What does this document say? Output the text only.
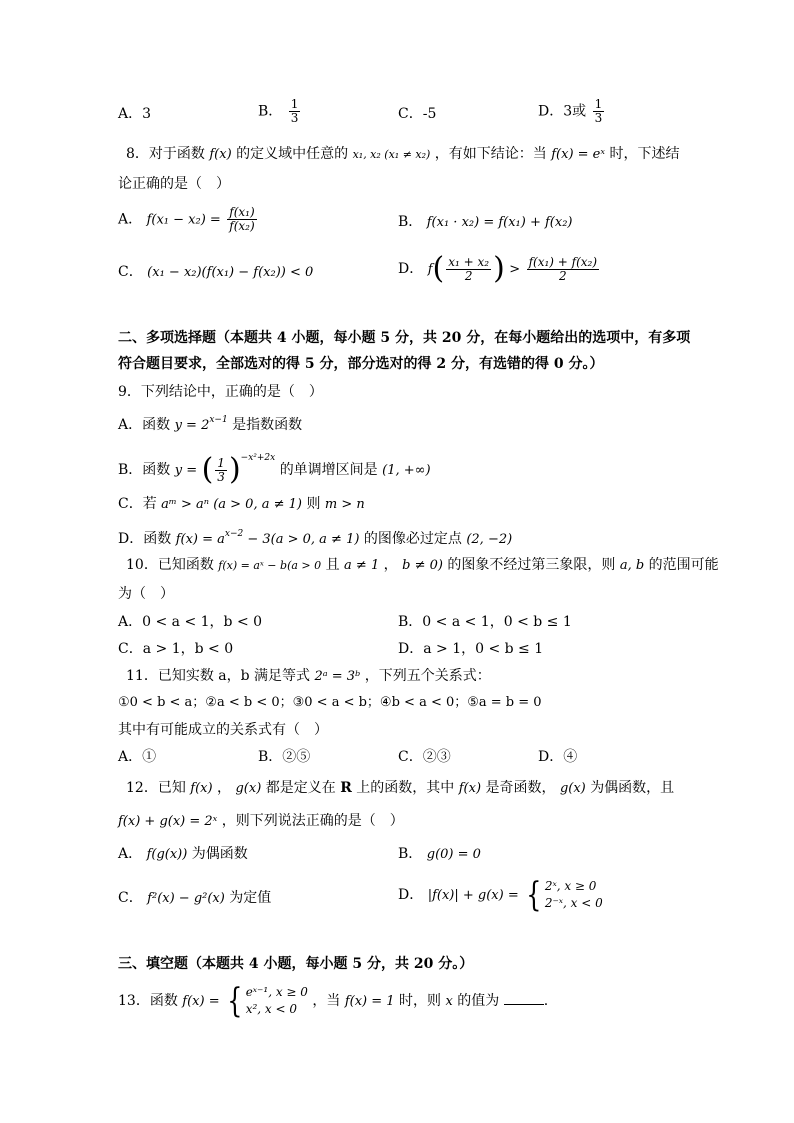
A．3	B． $\frac{1}{3}$	C．-5	D．3或 $\frac{1}{3}$
8．对于函数 f(x) 的定义域中任意的 x₁, x₂ (x₁ ≠ x₂) ，有如下结论：当 f(x) = eˣ 时，下述结
论正确的是（　）
A． $f(x_1 - x_2) = \frac{\text{f(x₁)}}{\text{f(x₂)}}$	B． f(x₁ · x₂) = f(x₁) + f(x₂)
C． (x₁ − x₂)(f(x₁) − f(x₂)) < 0	D． $f( \frac{\text{x₁ + x₂}}{2}$ ) > $\frac{\text{f(x₁) + f(x₂)}}{2}$
二、多项选择题（本题共 4 小题，每小题 5 分，共 20 分，在每小题给出的选项中，有多项
符合题目要求，全部选对的得 5 分，部分选对的得 2 分，有选错的得 0 分。）
9．下列结论中，正确的是（　）
A．函数 $y = 2^{x-1}$ 是指数函数
B．函数 y = ( $\frac{1}{3} )^{-x^2+2x}$ 的单调增区间是 (1, +∞)
C．若 aᵐ > aⁿ (a > 0, a ≠ 1) 则 m > n
D．函数 $f(x) = a^{x-2} - 3(a > 0$, a ≠ 1) 的图像必过定点 (2, −2)
10．已知函数 f(x) = aˣ − b(a > 0 且 a ≠ 1 ， b ≠ 0) 的图象不经过第三象限，则 a, b 的范围可能
为（　）
A．0 < a < 1，b < 0	B．0 < a < 1，0 < b ≤ 1
C．a > 1，b < 0	D．a > 1，0 < b ≤ 1
11．已知实数 a，b 满足等式 2ᵃ = 3ᵇ ，下列五个关系式：
①0 < b < a；②a < b < 0；③0 < a < b；④b < a < 0；⑤a = b = 0
其中有可能成立的关系式有（　）
A．①	B．②⑤	C．②③	D．④
12．已知 f(x) ， g(x) 都是定义在 R 上的函数，其中 f(x) 是奇函数， g(x) 为偶函数，且
f(x) + g(x) = 2ˣ ，则下列说法正确的是（　）
A． f(g(x)) 为偶函数	B． g(0) = 0
C． f²(x) − g²(x) 为定值	D． |f(x)| + g(x) = { 2ˣ, x ≥ 0
2⁻ˣ, x < 0
三、填空题（本题共 4 小题，每小题 5 分，共 20 分。）
13．函数 f(x) = { eˣ⁻¹, x ≥ 0
x², x < 0	，当 f(x) = 1 时，则 x 的值为	.
